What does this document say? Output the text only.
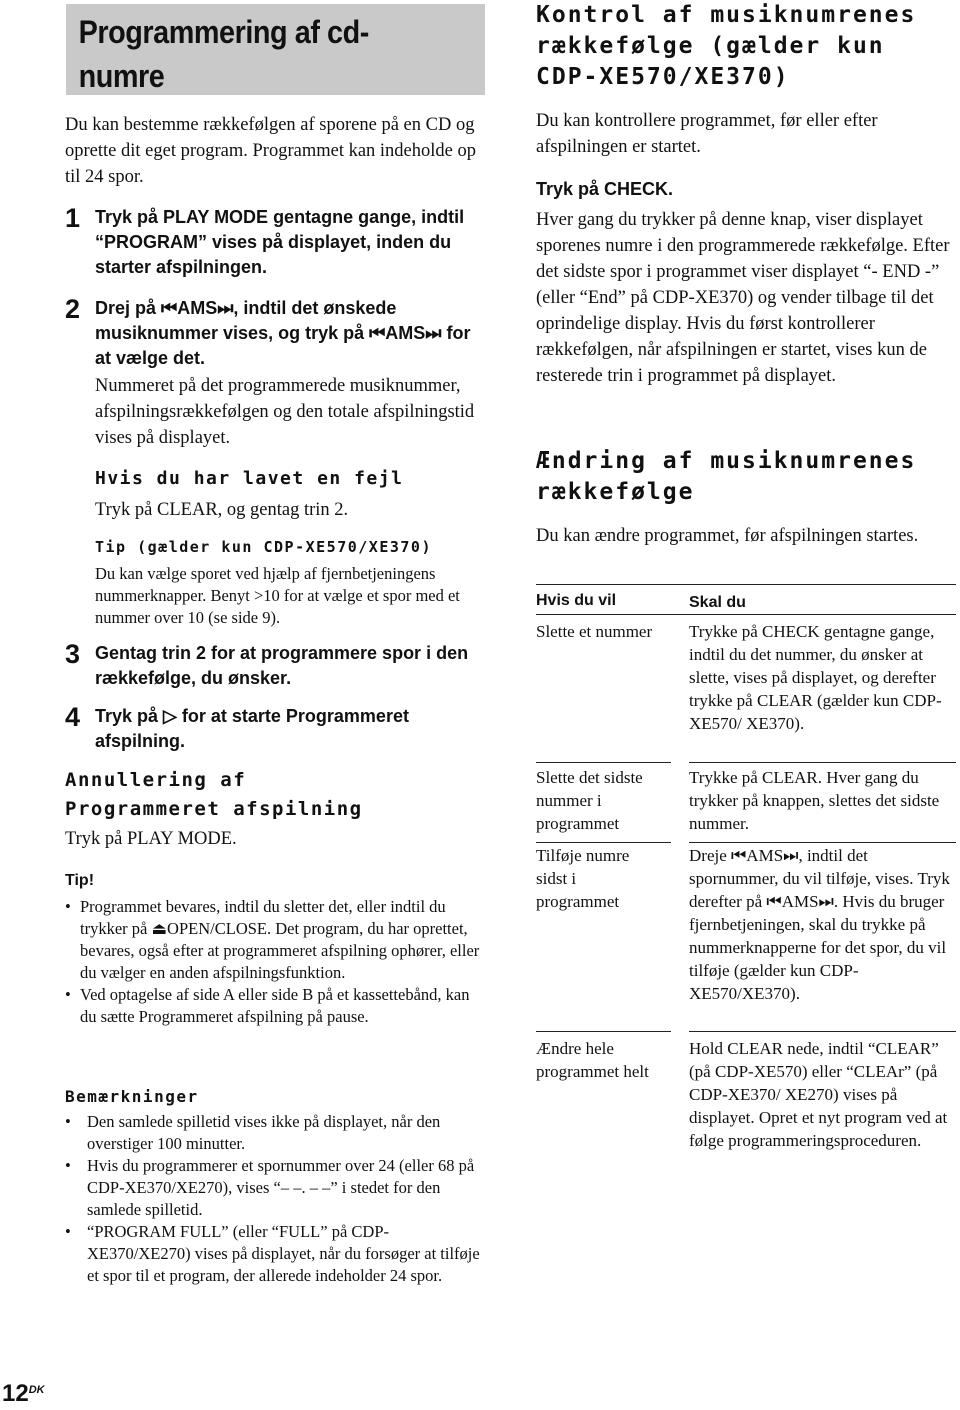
Programmering af cd-
numre
Du kan bestemme rækkefølgen af sporene på en CD og oprette dit eget program. Programmet kan indeholde op til 24 spor.
1 Tryk på PLAY MODE gentagne gange, indtil “PROGRAM” vises på displayet, inden du starter afspilningen.
2 Drej på ⏮AMS⏭, indtil det ønskede musiknummer vises, og tryk på ⏮AMS⏭ for at vælge det.
Nummeret på det programmerede musiknummer, afspilningsrækkefølgen og den totale afspilningstid vises på displayet.
Hvis du har lavet en fejl
Tryk på CLEAR, og gentag trin 2.
Tip (gælder kun CDP-XE570/XE370)
Du kan vælge sporet ved hjælp af fjernbetjeningens nummerknapper. Benyt >10 for at vælge et spor med et nummer over 10 (se side 9).
3 Gentag trin 2 for at programmere spor i den rækkefølge, du ønsker.
4 Tryk på ▷ for at starte Programmeret afspilning.
Annullering af Programmeret afspilning
Tryk på PLAY MODE.
Tip!
• Programmet bevares, indtil du sletter det, eller indtil du trykker på ⏏OPEN/CLOSE. Det program, du har oprettet, bevares, også efter at programmeret afspilning ophører, eller du vælger en anden afspilningsfunktion.
• Ved optagelse af side A eller side B på et kassettebånd, kan du sætte Programmeret afspilning på pause.
Bemærkninger
• Den samlede spilletid vises ikke på displayet, når den overstiger 100 minutter.
• Hvis du programmerer et spornummer over 24 (eller 68 på CDP-XE370/XE270), vises “– –. – –” i stedet for den samlede spilletid.
• “PROGRAM FULL” (eller “FULL” på CDP-XE370/XE270) vises på displayet, når du forsøger at tilføje et spor til et program, der allerede indeholder 24 spor.
Kontrol af musiknumrenes rækkefølge (gælder kun CDP-XE570/XE370)
Du kan kontrollere programmet, før eller efter afspilningen er startet.
Tryk på CHECK.
Hver gang du trykker på denne knap, viser displayet sporenes numre i den programmerede rækkefølge. Efter det sidste spor i programmet viser displayet “- END -” (eller “End” på CDP-XE370) og vender tilbage til det oprindelige display. Hvis du først kontrollerer rækkefølgen, når afspilningen er startet, vises kun de resterede trin i programmet på displayet.
Ændring af musiknumrenes rækkefølge
Du kan ændre programmet, før afspilningen startes.
Hvis du vil	Skal du
Slette et nummer	Trykke på CHECK gentagne gange, indtil du det nummer, du ønsker at slette, vises på displayet, og derefter trykke på CLEAR (gælder kun CDP-XE570/ XE370).
Slette det sidste nummer i programmet
Trykke på CLEAR. Hver gang du trykker på knappen, slettes det sidste nummer.
Tilføje numre sidst i programmet
Dreje ⏮AMS⏭, indtil det spornummer, du vil tilføje, vises. Tryk derefter på ⏮AMS⏭. Hvis du bruger fjernbetjeningen, skal du trykke på nummerknapperne for det spor, du vil tilføje (gælder kun CDP-XE570/XE370).
Ændre hele programmet helt
Hold CLEAR nede, indtil “CLEAR” (på CDP-XE570) eller “CLEAr” (på CDP-XE370/ XE270) vises på displayet. Opret et nyt program ved at følge programmeringsproceduren.
$12^{DK}$
